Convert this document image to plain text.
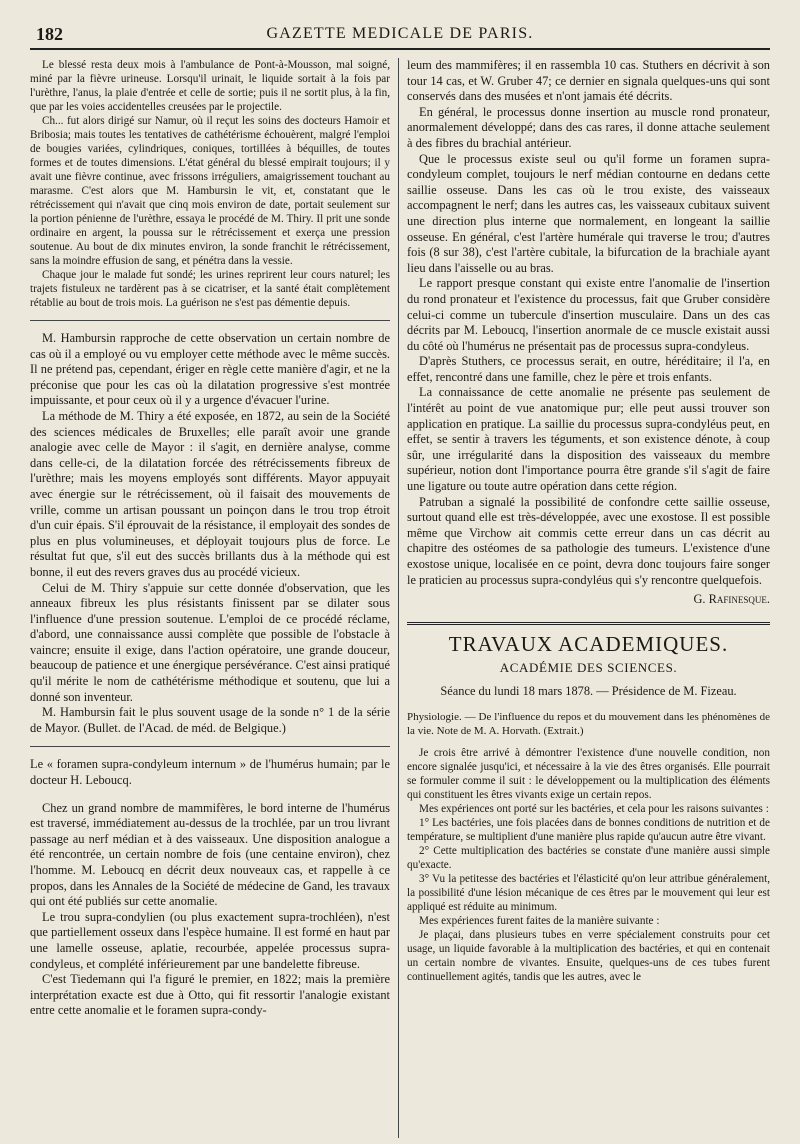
182	GAZETTE MEDICALE DE PARIS.

Le blessé resta deux mois à l'ambulance de Pont-à-Mousson, mal soigné, miné par la fièvre urineuse. Lorsqu'il urinait, le liquide sortait à la fois par l'urèthre, l'anus, la plaie d'entrée et celle de sortie; puis il ne sortit plus, à la fin, que par les voies accidentelles creusées par le projectile.

Ch... fut alors dirigé sur Namur, où il reçut les soins des docteurs Hamoir et Bribosia; mais toutes les tentatives de cathétérisme échouèrent, malgré l'emploi de bougies variées, cylindriques, coniques, tortillées à béquilles, de toutes formes et de toutes dimensions. L'état général du blessé empirait toujours; il y avait une fièvre continue, avec frissons irréguliers, amaigrissement touchant au marasme. C'est alors que M. Hambursin le vit, et, constatant que le rétrécissement qui n'avait que cinq mois environ de date, portait seulement sur la portion pénienne de l'urèthre, essaya le procédé de M. Thiry. Il prit une sonde ordinaire en argent, la poussa sur le rétrécissement et exerça une pression soutenue. Au bout de dix minutes environ, la sonde franchit le rétrécissement, sans la moindre effusion de sang, et pénétra dans la vessie.

Chaque jour le malade fut sondé; les urines reprirent leur cours naturel; les trajets fistuleux ne tardèrent pas à se cicatriser, et la santé était complètement rétablie au bout de trois mois. La guérison ne s'est pas démentie depuis.

M. Hambursin rapproche de cette observation un certain nombre de cas où il a employé ou vu employer cette méthode avec le même succès. Il ne prétend pas, cependant, ériger en règle cette manière d'agir, et ne la préconise que pour les cas où la dilatation progressive s'est montrée impuissante, et pour ceux où il y a urgence d'évacuer l'urine.

La méthode de M. Thiry a été exposée, en 1872, au sein de la Société des sciences médicales de Bruxelles; elle paraît avoir une grande analogie avec celle de Mayor : il s'agit, en dernière analyse, comme dans celle-ci, de la dilatation forcée des rétrécissements fibreux de l'urèthre; mais les moyens employés sont différents. Mayor appuyait avec énergie sur le rétrécissement, où il faisait des mouvements de vrille, comme un artisan poussant un poinçon dans le trou trop étroit d'un cuir épais. S'il éprouvait de la résistance, il employait des sondes de plus en plus volumineuses, et déployait toujours plus de force. Le résultat fut que, s'il eut des succès brillants dus à la méthode qui est bonne, il eut des revers graves dus au procédé vicieux.

Celui de M. Thiry s'appuie sur cette donnée d'observation, que les anneaux fibreux les plus résistants finissent par se dilater sous l'influence d'une pression soutenue. L'emploi de ce procédé réclame, d'abord, une connaissance aussi complète que possible de l'obstacle à vaincre; ensuite il exige, dans l'action opératoire, une grande douceur, beaucoup de patience et une énergique persévérance. C'est ainsi pratiqué qu'il mérite le nom de cathétérisme méthodique et soutenu, que lui a donné son inventeur.

M. Hambursin fait le plus souvent usage de la sonde n° 1 de la série de Mayor. (Bullet. de l'Acad. de méd. de Belgique.)

Le « foramen supra-condyleum internum » de l'humérus humain; par le docteur H. Leboucq.

Chez un grand nombre de mammifères, le bord interne de l'humérus est traversé, immédiatement au-dessus de la trochlée, par un trou livrant passage au nerf médian et à des vaisseaux. Une disposition analogue a été rencontrée, un certain nombre de fois (une centaine environ), chez l'homme. M. Leboucq en décrit deux nouveaux cas, et rappelle à ce propos, dans les Annales de la Société de médecine de Gand, les travaux qui ont été publiés sur cette anomalie.

Le trou supra-condylien (ou plus exactement supra-trochléen), n'est que partiellement osseux dans l'espèce humaine. Il est formé en haut par une lamelle osseuse, aplatie, recourbée, appelée processus supra-condyleus, et complété inférieurement par une bandelette fibreuse.

C'est Tiedemann qui l'a figuré le premier, en 1822; mais la première interprétation exacte est due à Otto, qui fit ressortir l'analogie existant entre cette anomalie et le foramen supra-condy-

leum des mammifères; il en rassembla 10 cas. Stuthers en décrivit à son tour 14 cas, et W. Gruber 47; ce dernier en signala quelques-uns qui sont conservés dans des musées et n'ont jamais été décrits.

En général, le processus donne insertion au muscle rond pronateur, anormalement développé; dans des cas rares, il donne attache seulement à des fibres du brachial antérieur.

Que le processus existe seul ou qu'il forme un foramen supra-condyleum complet, toujours le nerf médian contourne en dedans cette saillie osseuse. Dans les cas où le trou existe, des vaisseaux accompagnent le nerf; dans les autres cas, les vaisseaux cubitaux suivent une direction plus interne que normalement, en longeant la saillie osseuse. En général, c'est l'artère humérale qui traverse le trou; d'autres fois (8 sur 38), c'est l'artère cubitale, la bifurcation de la brachiale ayant lieu dans l'aisselle ou au bras.

Le rapport presque constant qui existe entre l'anomalie de l'insertion du rond pronateur et l'existence du processus, fait que Gruber considère celui-ci comme un tubercule d'insertion musculaire. Dans un des cas décrits par M. Leboucq, l'insertion anormale de ce muscle existait aussi du côté où l'humérus ne présentait pas de processus supra-condyleus.

D'après Stuthers, ce processus serait, en outre, héréditaire; il l'a, en effet, rencontré dans une famille, chez le père et trois enfants.

La connaissance de cette anomalie ne présente pas seulement de l'intérêt au point de vue anatomique pur; elle peut aussi trouver son application en pratique. La saillie du processus supra-condyléus peut, en effet, se sentir à travers les téguments, et son existence dénote, à coup sûr, une irrégularité dans la disposition des vaisseaux du membre supérieur, notion dont l'importance pourra être grande s'il s'agit de faire une ligature ou toute autre opération dans cette région.

Patruban a signalé la possibilité de confondre cette saillie osseuse, surtout quand elle est très-développée, avec une exostose. Il est possible même que Virchow ait commis cette erreur dans un cas décrit au chapitre des ostéomes de sa pathologie des tumeurs. L'existence d'une exostose unique, localisée en ce point, devra donc toujours faire songer le praticien au processus supra-condyléus qui s'y rencontre quelquefois.

G. Rafinesque.

TRAVAUX ACADEMIQUES.
ACADÉMIE DES SCIENCES.
Séance du lundi 18 mars 1878. — Présidence de M. Fizeau.

Physiologie. — De l'influence du repos et du mouvement dans les phénomènes de la vie. Note de M. A. Horvath. (Extrait.)

Je crois être arrivé à démontrer l'existence d'une nouvelle condition, non encore signalée jusqu'ici, et nécessaire à la vie des êtres organisés. Elle pourrait se formuler comme il suit : le développement ou la multiplication des éléments qui constituent les êtres vivants exige un certain repos.

Mes expériences ont porté sur les bactéries, et cela pour les raisons suivantes :

1° Les bactéries, une fois placées dans de bonnes conditions de nutrition et de température, se multiplient d'une manière plus rapide qu'aucun autre être vivant.

2° Cette multiplication des bactéries se constate d'une manière aussi simple qu'exacte.

3° Vu la petitesse des bactéries et l'élasticité qu'on leur attribue généralement, la possibilité d'une lésion mécanique de ces êtres par le mouvement qui leur est appliqué est réduite au minimum.

Mes expériences furent faites de la manière suivante :

Je plaçai, dans plusieurs tubes en verre spécialement construits pour cet usage, un liquide favorable à la multiplication des bactéries, et qui en contenait un certain nombre de vivantes. Ensuite, quelques-uns de ces tubes furent continuellement agités, tandis que les autres, avec le
